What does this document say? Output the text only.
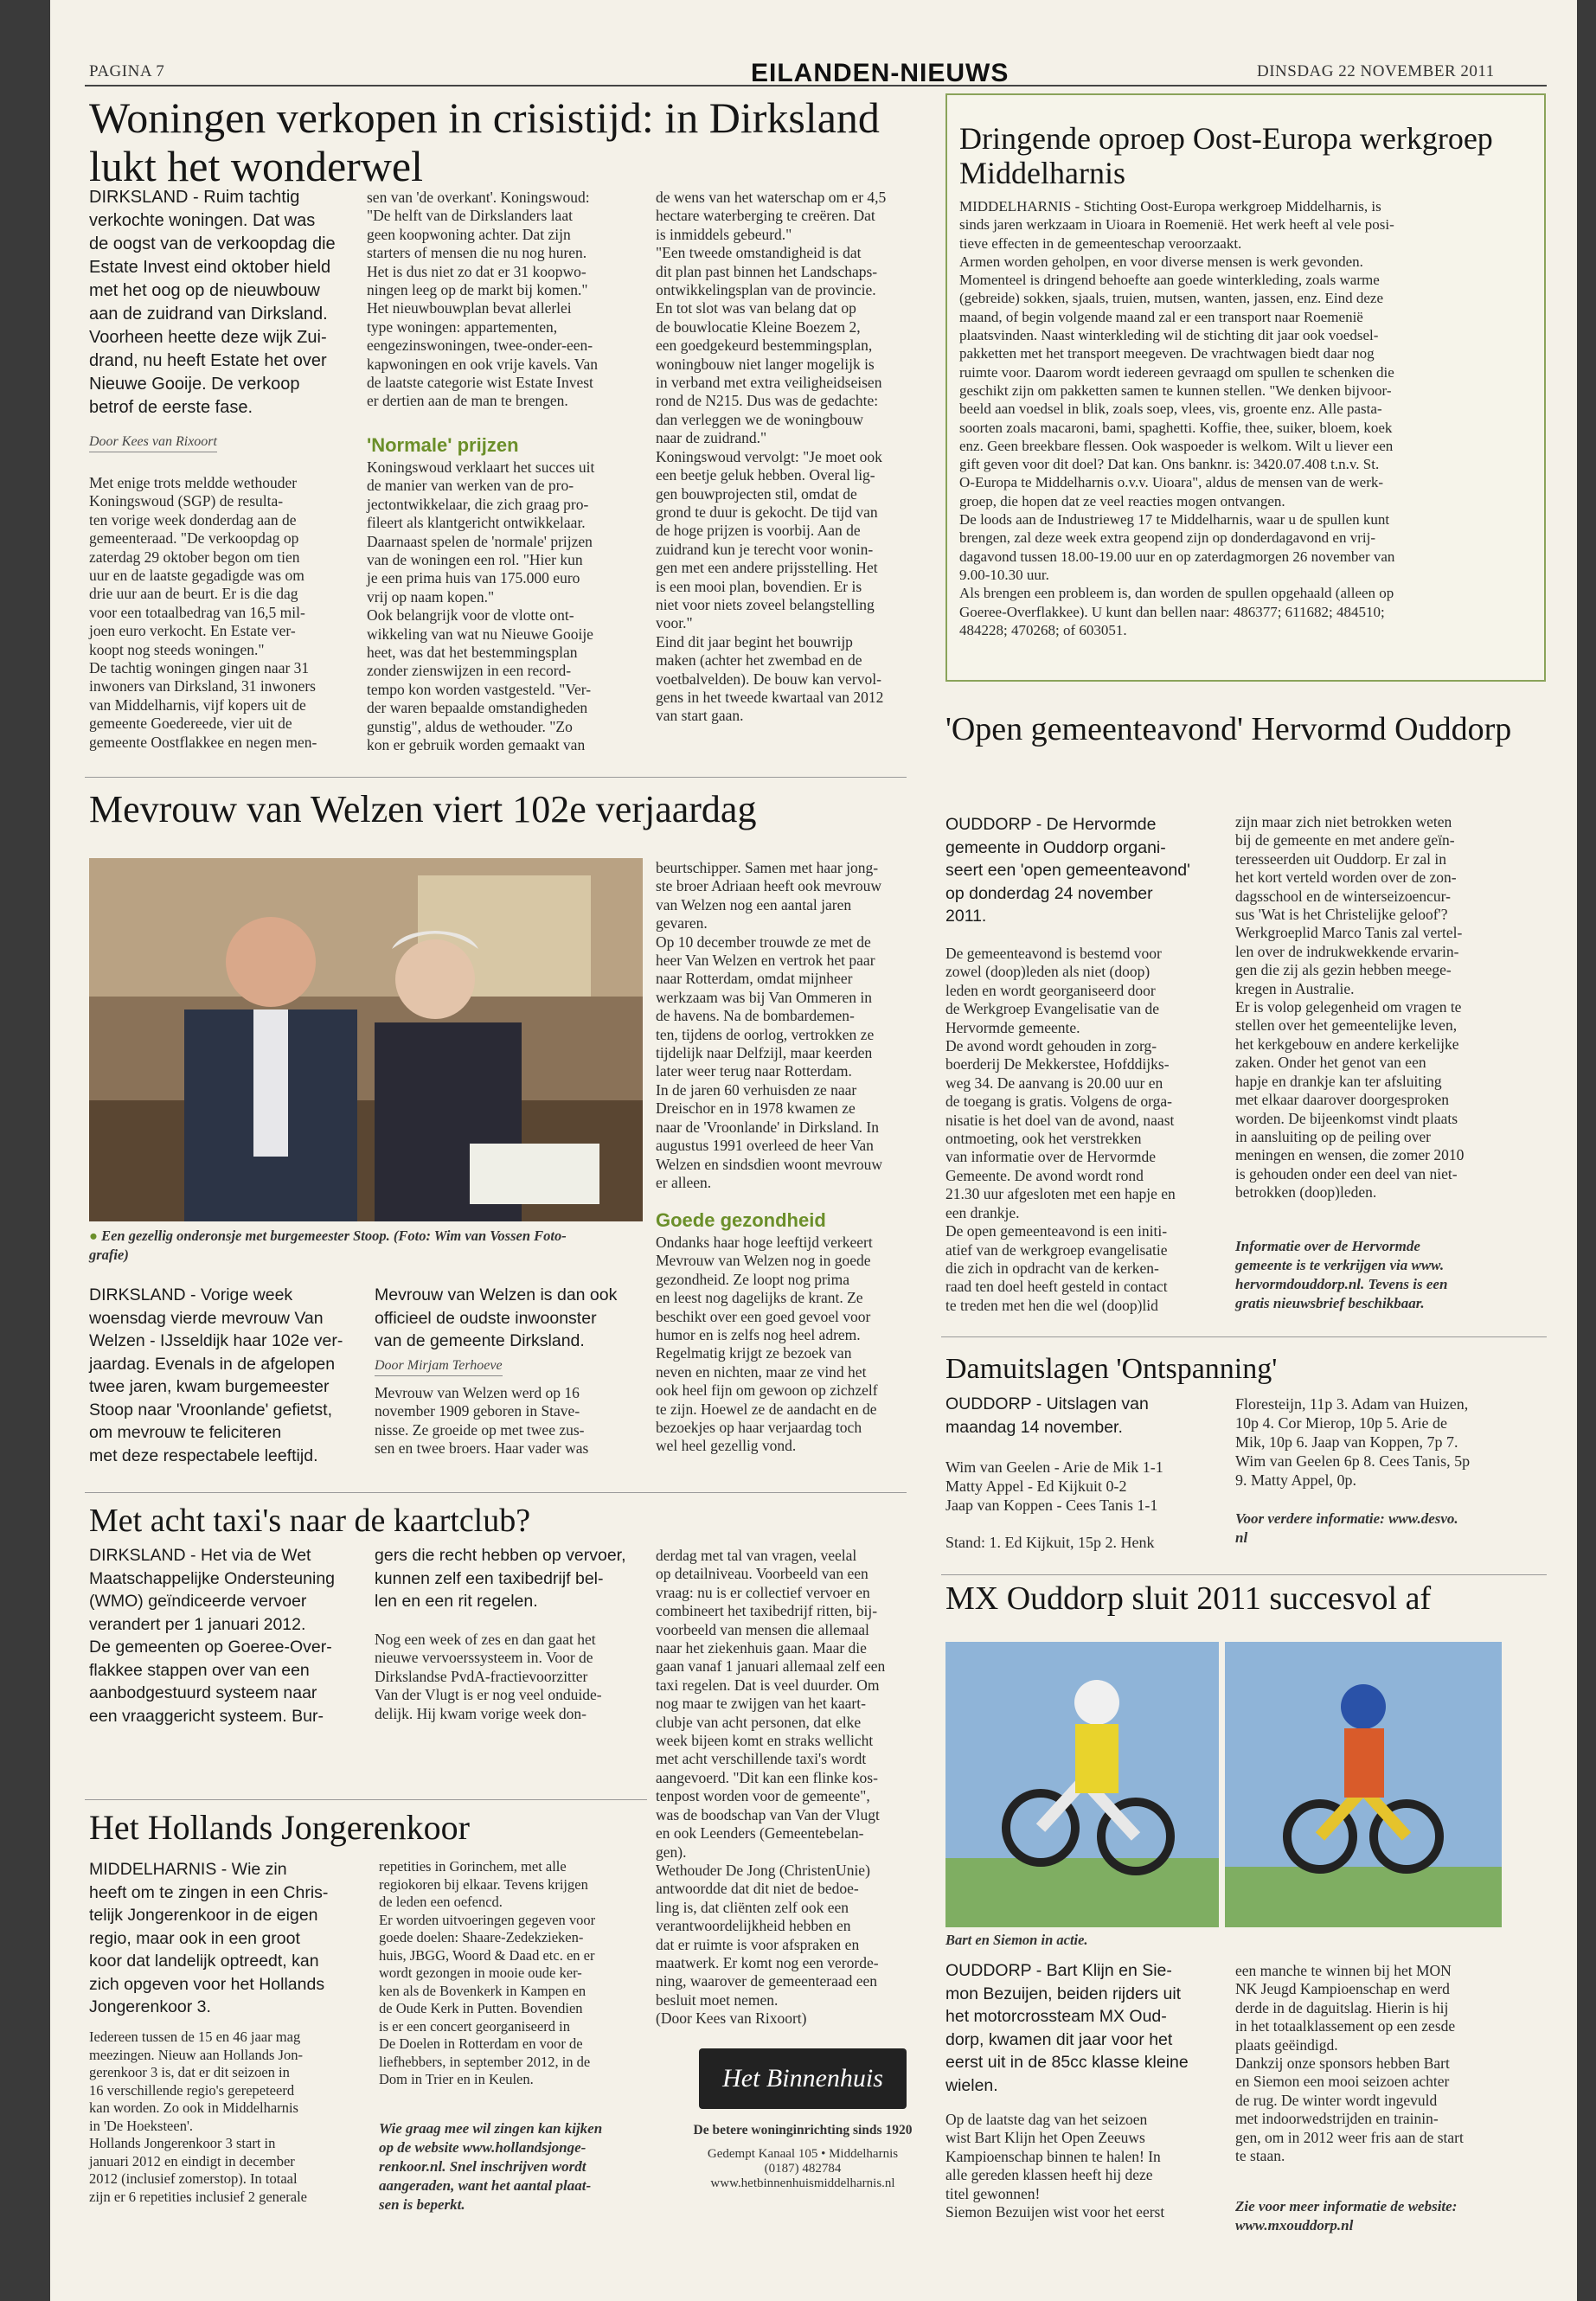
PAGINA 7	EILANDEN-NIEUWS	DINSDAG 22 NOVEMBER 2011
Woningen verkopen in crisistijd: in Dirksland lukt het wonderwel
DIRKSLAND - Ruim tachtig
verkochte woningen. Dat was
de oogst van de verkoopdag die
Estate Invest eind oktober hield
met het oog op de nieuwbouw
aan de zuidrand van Dirksland.
Voorheen heette deze wijk Zui-
drand, nu heeft Estate het over
Nieuwe Gooije. De verkoop
betrof de eerste fase.
Door Kees van Rixoort
Met enige trots meldde wethouder
Koningswoud (SGP) de resulta-
ten vorige week donderdag aan de
gemeenteraad. "De verkoopdag op
zaterdag 29 oktober begon om tien
uur en de laatste gegadigde was om
drie uur aan de beurt. Er is die dag
voor een totaalbedrag van 16,5 mil-
joen euro verkocht. En Estate ver-
koopt nog steeds woningen."
De tachtig woningen gingen naar 31
inwoners van Dirksland, 31 inwoners
van Middelharnis, vijf kopers uit de
gemeente Goedereede, vier uit de
gemeente Oostflakkee en negen men-
sen van 'de overkant'. Koningswoud:
"De helft van de Dirkslanders laat
geen koopwoning achter. Dat zijn
starters of mensen die nu nog huren.
Het is dus niet zo dat er 31 koopwo-
ningen leeg op de markt bij komen."
Het nieuwbouwplan bevat allerlei
type woningen: appartementen,
eengezinswoningen, twee-onder-een-
kapwoningen en ook vrije kavels. Van
de laatste categorie wist Estate Invest
er dertien aan de man te brengen.
'Normale' prijzen
Koningswoud verklaart het succes uit
de manier van werken van de pro-
jectontwikkelaar, die zich graag pro-
fileert als klantgericht ontwikkelaar.
Daarnaast spelen de 'normale' prijzen
van de woningen een rol. "Hier kun
je een prima huis van 175.000 euro
vrij op naam kopen."
Ook belangrijk voor de vlotte ont-
wikkeling van wat nu Nieuwe Gooije
heet, was dat het bestemmingsplan
zonder zienswijzen in een record-
tempo kon worden vastgesteld. "Ver-
der waren bepaalde omstandigheden
gunstig", aldus de wethouder. "Zo
kon er gebruik worden gemaakt van
de wens van het waterschap om er 4,5
hectare waterberging te creëren. Dat
is inmiddels gebeurd."
"Een tweede omstandigheid is dat
dit plan past binnen het Landschaps-
ontwikkelingsplan van de provincie.
En tot slot was van belang dat op
de bouwlocatie Kleine Boezem 2,
een goedgekeurd bestemmingsplan,
woningbouw niet langer mogelijk is
in verband met extra veiligheidseisen
rond de N215. Dus was de gedachte:
dan verleggen we de woningbouw
naar de zuidrand."
Koningswoud vervolgt: "Je moet ook
een beetje geluk hebben. Overal lig-
gen bouwprojecten stil, omdat de
grond te duur is gekocht. De tijd van
de hoge prijzen is voorbij. Aan de
zuidrand kun je terecht voor wonin-
gen met een andere prijsstelling. Het
is een mooi plan, bovendien. Er is
niet voor niets zoveel belangstelling
voor."
Eind dit jaar begint het bouwrijp
maken (achter het zwembad en de
voetbalvelden). De bouw kan vervol-
gens in het tweede kwartaal van 2012
van start gaan.
Dringende oproep Oost-Europa werkgroep Middelharnis
MIDDELHARNIS - Stichting Oost-Europa werkgroep Middelharnis, is
sinds jaren werkzaam in Uioara in Roemenië. Het werk heeft al vele posi-
tieve effecten in de gemeenteschap veroorzaakt.
Armen worden geholpen, en voor diverse mensen is werk gevonden.
Momenteel is dringend behoefte aan goede winterkleding, zoals warme
(gebreide) sokken, sjaals, truien, mutsen, wanten, jassen, enz. Eind deze
maand, of begin volgende maand zal er een transport naar Roemenië
plaatsvinden. Naast winterkleding wil de stichting dit jaar ook voedsel-
pakketten met het transport meegeven. De vrachtwagen biedt daar nog
ruimte voor. Daarom wordt iedereen gevraagd om spullen te schenken die
geschikt zijn om pakketten samen te kunnen stellen. "We denken bijvoor-
beeld aan voedsel in blik, zoals soep, vlees, vis, groente enz. Alle pasta-
soorten zoals macaroni, bami, spaghetti. Koffie, thee, suiker, bloem, koek
enz. Geen breekbare flessen. Ook waspoeder is welkom. Wilt u liever een
gift geven voor dit doel? Dat kan. Ons banknr. is: 3420.07.408 t.n.v. St.
O-Europa te Middelharnis o.v.v. Uioara", aldus de mensen van de werk-
groep, die hopen dat ze veel reacties mogen ontvangen.
De loods aan de Industrieweg 17 te Middelharnis, waar u de spullen kunt
brengen, zal deze week extra geopend zijn op donderdagavond en vrij-
dagavond tussen 18.00-19.00 uur en op zaterdagmorgen 26 november van
9.00-10.30 uur.
Als brengen een probleem is, dan worden de spullen opgehaald (alleen op
Goeree-Overflakkee). U kunt dan bellen naar: 486377; 611682; 484510;
484228; 470268; of 603051.
Mevrouw van Welzen viert 102e verjaardag
● Een gezellig onderonsje met burgemeester Stoop. (Foto: Wim van Vossen Foto-
grafie)
DIRKSLAND - Vorige week
woensdag vierde mevrouw Van
Welzen - IJsseldijk haar 102e ver-
jaardag. Evenals in de afgelopen
twee jaren, kwam burgemeester
Stoop naar 'Vroonlande' gefietst,
om mevrouw te feliciteren
met deze respectabele leeftijd.
Mevrouw van Welzen is dan ook
officieel de oudste inwoonster
van de gemeente Dirksland.
Door Mirjam Terhoeve
Mevrouw van Welzen werd op 16
november 1909 geboren in Stave-
nisse. Ze groeide op met twee zus-
sen en twee broers. Haar vader was
beurtschipper. Samen met haar jong-
ste broer Adriaan heeft ook mevrouw
van Welzen nog een aantal jaren
gevaren.
Op 10 december trouwde ze met de
heer Van Welzen en vertrok het paar
naar Rotterdam, omdat mijnheer
werkzaam was bij Van Ommeren in
de havens. Na de bombardemen-
ten, tijdens de oorlog, vertrokken ze
tijdelijk naar Delfzijl, maar keerden
later weer terug naar Rotterdam.
In de jaren 60 verhuisden ze naar
Dreischor en in 1978 kwamen ze
naar de 'Vroonlande' in Dirksland. In
augustus 1991 overleed de heer Van
Welzen en sindsdien woont mevrouw
er alleen.
Goede gezondheid
Ondanks haar hoge leeftijd verkeert
Mevrouw van Welzen nog in goede
gezondheid. Ze loopt nog prima
en leest nog dagelijks de krant. Ze
beschikt over een goed gevoel voor
humor en is zelfs nog heel adrem.
Regelmatig krijgt ze bezoek van
neven en nichten, maar ze vind het
ook heel fijn om gewoon op zichzelf
te zijn. Hoewel ze de aandacht en de
bezoekjes op haar verjaardag toch
wel heel gezellig vond.
'Open gemeenteavond' Hervormd Ouddorp
OUDDORP - De Hervormde
gemeente in Ouddorp organi-
seert een 'open gemeenteavond'
op donderdag 24 november
2011.
De gemeenteavond is bestemd voor
zowel (doop)leden als niet (doop)
leden en wordt georganiseerd door
de Werkgroep Evangelisatie van de
Hervormde gemeente.
De avond wordt gehouden in zorg-
boerderij De Mekkerstee, Hofddijks-
weg 34. De aanvang is 20.00 uur en
de toegang is gratis. Volgens de orga-
nisatie is het doel van de avond, naast
ontmoeting, ook het verstrekken
van informatie over de Hervormde
Gemeente. De avond wordt rond
21.30 uur afgesloten met een hapje en
een drankje.
De open gemeenteavond is een initi-
atief van de werkgroep evangelisatie
die zich in opdracht van de kerken-
raad ten doel heeft gesteld in contact
te treden met hen die wel (doop)lid
zijn maar zich niet betrokken weten
bij de gemeente en met andere geïn-
teresseerden uit Ouddorp. Er zal in
het kort verteld worden over de zon-
dagsschool en de winterseizoencur-
sus 'Wat is het Christelijke geloof'?
Werkgroeplid Marco Tanis zal vertel-
len over de indrukwekkende ervarin-
gen die zij als gezin hebben meege-
kregen in Australie.
Er is volop gelegenheid om vragen te
stellen over het gemeentelijke leven,
het kerkgebouw en andere kerkelijke
zaken. Onder het genot van een
hapje en drankje kan ter afsluiting
met elkaar daarover doorgesproken
worden. De bijeenkomst vindt plaats
in aansluiting op de peiling over
meningen en wensen, die zomer 2010
is gehouden onder een deel van niet-
betrokken (doop)leden.
Informatie over de Hervormde
gemeente is te verkrijgen via www.
hervormdouddorp.nl. Tevens is een
gratis nieuwsbrief beschikbaar.
Damuitslagen 'Ontspanning'
OUDDORP - Uitslagen van
maandag 14 november.
Wim van Geelen - Arie de Mik 1-1
Matty Appel - Ed Kijkuit 0-2
Jaap van Koppen - Cees Tanis 1-1
Stand: 1. Ed Kijkuit, 15p 2. Henk
Floresteijn, 11p 3. Adam van Huizen,
10p 4. Cor Mierop, 10p 5. Arie de
Mik, 10p 6. Jaap van Koppen, 7p 7.
Wim van Geelen 6p 8. Cees Tanis, 5p
9. Matty Appel, 0p.
Voor verdere informatie: www.desvo.
nl
Met acht taxi's naar de kaartclub?
DIRKSLAND - Het via de Wet
Maatschappelijke Ondersteuning
(WMO) geïndiceerde vervoer
verandert per 1 januari 2012.
De gemeenten op Goeree-Over-
flakkee stappen over van een
aanbodgestuurd systeem naar
een vraaggericht systeem. Bur-
gers die recht hebben op vervoer,
kunnen zelf een taxibedrijf bel-
len en een rit regelen.
Nog een week of zes en dan gaat het
nieuwe vervoerssysteem in. Voor de
Dirkslandse PvdA-fractievoorzitter
Van der Vlugt is er nog veel onduide-
delijk. Hij kwam vorige week don-
derdag met tal van vragen, veelal
op detailniveau. Voorbeeld van een
vraag: nu is er collectief vervoer en
combineert het taxibedrijf ritten, bij-
voorbeeld van mensen die allemaal
naar het ziekenhuis gaan. Maar die
gaan vanaf 1 januari allemaal zelf een
taxi regelen. Dat is veel duurder. Om
nog maar te zwijgen van het kaart-
clubje van acht personen, dat elke
week bijeen komt en straks wellicht
met acht verschillende taxi's wordt
aangevoerd. "Dit kan een flinke kos-
tenpost worden voor de gemeente",
was de boodschap van Van der Vlugt
en ook Leenders (Gemeentebelan-
gen).
Wethouder De Jong (ChristenUnie)
antwoordde dat dit niet de bedoe-
ling is, dat cliënten zelf ook een
verantwoordelijkheid hebben en
dat er ruimte is voor afspraken en
maatwerk. Er komt nog een verorde-
ning, waarover de gemeenteraad een
besluit moet nemen.
(Door Kees van Rixoort)
Het Hollands Jongerenkoor
MIDDELHARNIS - Wie zin
heeft om te zingen in een Chris-
telijk Jongerenkoor in de eigen
regio, maar ook in een groot
koor dat landelijk optreedt, kan
zich opgeven voor het Hollands
Jongerenkoor 3.
Iedereen tussen de 15 en 46 jaar mag
meezingen. Nieuw aan Hollands Jon-
gerenkoor 3 is, dat er dit seizoen in
16 verschillende regio's gerepeteerd
kan worden. Zo ook in Middelharnis
in 'De Hoeksteen'.
Hollands Jongerenkoor 3 start in
januari 2012 en eindigt in december
2012 (inclusief zomerstop). In totaal
zijn er 6 repetities inclusief 2 generale
repetities in Gorinchem, met alle
regiokoren bij elkaar. Tevens krijgen
de leden een oefencd.
Er worden uitvoeringen gegeven voor
goede doelen: Shaare-Zedekzieken-
huis, JBGG, Woord & Daad etc. en er
wordt gezongen in mooie oude ker-
ken als de Bovenkerk in Kampen en
de Oude Kerk in Putten. Bovendien
is er een concert georganiseerd in
De Doelen in Rotterdam en voor de
liefhebbers, in september 2012, in de
Dom in Trier en in Keulen.
Wie graag mee wil zingen kan kijken
op de website www.hollandsjonge-
renkoor.nl. Snel inschrijven wordt
aangeraden, want het aantal plaat-
sen is beperkt.
Het Binnenhuis
De betere woninginrichting sinds 1920
Gedempt Kanaal 105 • Middelharnis
(0187) 482784
www.hetbinnenhuismiddelharnis.nl
MX Ouddorp sluit 2011 succesvol af
Bart en Siemon in actie.
OUDDORP - Bart Klijn en Sie-
mon Bezuijen, beiden rijders uit
het motorcrossteam MX Oud-
dorp, kwamen dit jaar voor het
eerst uit in de 85cc klasse kleine
wielen.
Op de laatste dag van het seizoen
wist Bart Klijn het Open Zeeuws
Kampioenschap binnen te halen! In
alle gereden klassen heeft hij deze
titel gewonnen!
Siemon Bezuijen wist voor het eerst
een manche te winnen bij het MON
NK Jeugd Kampioenschap en werd
derde in de daguitslag. Hierin is hij
in het totaalklassement op een zesde
plaats geëindigd.
Dankzij onze sponsors hebben Bart
en Siemon een mooi seizoen achter
de rug. De winter wordt ingevuld
met indoorwedstrijden en trainin-
gen, om in 2012 weer fris aan de start
te staan.
Zie voor meer informatie de website:
www.mxouddorp.nl
